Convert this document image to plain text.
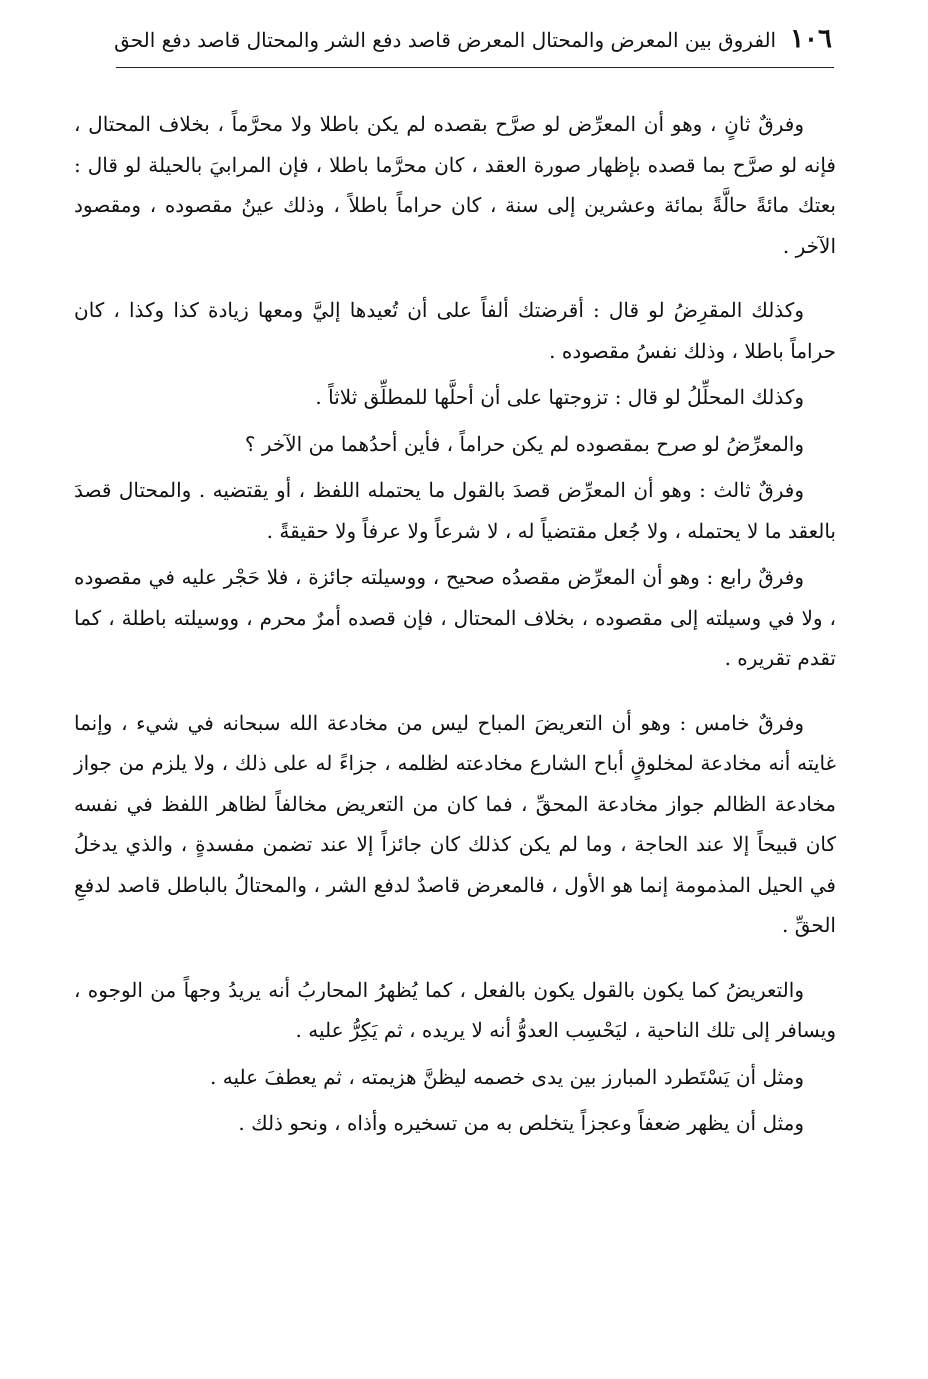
١٠٦
الفروق بين المعرض والمحتال المعرض قاصد دفع الشر والمحتال قاصد دفع الحق

وفرقٌ ثانٍ ، وهو أن المعرِّض لو صرَّح بقصده لم يكن باطلا ولا محرَّماً ، بخلاف المحتال ، فإنه لو صرَّح بما قصده بإظهار صورة العقد ، كان محرَّما باطلا ، فإن المرابيَ بالحيلة لو قال : بعتك مائةً حالَّةً بمائة وعشرين إلى سنة ، كان حراماً باطلاً ، وذلك عينُ مقصوده ، ومقصود الآخر .

وكذلك المقرِضُ لو قال : أقرضتك ألفاً على أن تُعيدها إليَّ ومعها زيادة كذا وكذا ، كان حراماً باطلا ، وذلك نفسُ مقصوده .

وكذلك المحلِّلُ لو قال : تزوجتها على أن أحلَّها للمطلِّق ثلاثاً .

والمعرِّضُ لو صرح بمقصوده لم يكن حراماً ، فأين أحدُهما من الآخر ؟

وفرقٌ ثالث : وهو أن المعرِّض قصدَ بالقول ما يحتمله اللفظ ، أو يقتضيه . والمحتال قصدَ بالعقد ما لا يحتمله ، ولا جُعل مقتضياً له ، لا شرعاً ولا عرفاً ولا حقيقةً .

وفرقٌ رابع : وهو أن المعرِّض مقصدُه صحيح ، ووسيلته جائزة ، فلا حَجْر عليه في مقصوده ، ولا في وسيلته إلى مقصوده ، بخلاف المحتال ، فإن قصده أمرٌ محرم ، ووسيلته باطلة ، كما تقدم تقريره .

وفرقٌ خامس : وهو أن التعريضَ المباح ليس من مخادعة الله سبحانه في شيء ، وإنما غايته أنه مخادعة لمخلوقٍ أباح الشارع مخادعته لظلمه ، جزاءً له على ذلك ، ولا يلزم من جواز مخادعة الظالم جواز مخادعة المحقِّ ، فما كان من التعريض مخالفاً لظاهر اللفظ في نفسه كان قبيحاً إلا عند الحاجة ، وما لم يكن كذلك كان جائزاً إلا عند تضمن مفسدةٍ ، والذي يدخلُ في الحيل المذمومة إنما هو الأول ، فالمعرض قاصدٌ لدفع الشر ، والمحتالُ بالباطل قاصد لدفعِ الحقِّ .

والتعريضُ كما يكون بالقول يكون بالفعل ، كما يُظهرُ المحاربُ أنه يريدُ وجهاً من الوجوه ، ويسافر إلى تلك الناحية ، ليَحْسِب العدوُّ أنه لا يريده ، ثم يَكِرُّ عليه .

ومثل أن يَسْتَطرد المبارز بين يدى خصمه ليظنَّ هزيمته ، ثم يعطفَ عليه .

ومثل أن يظهر ضعفاً وعجزاً يتخلص به من تسخيره وأذاه ، ونحو ذلك .
